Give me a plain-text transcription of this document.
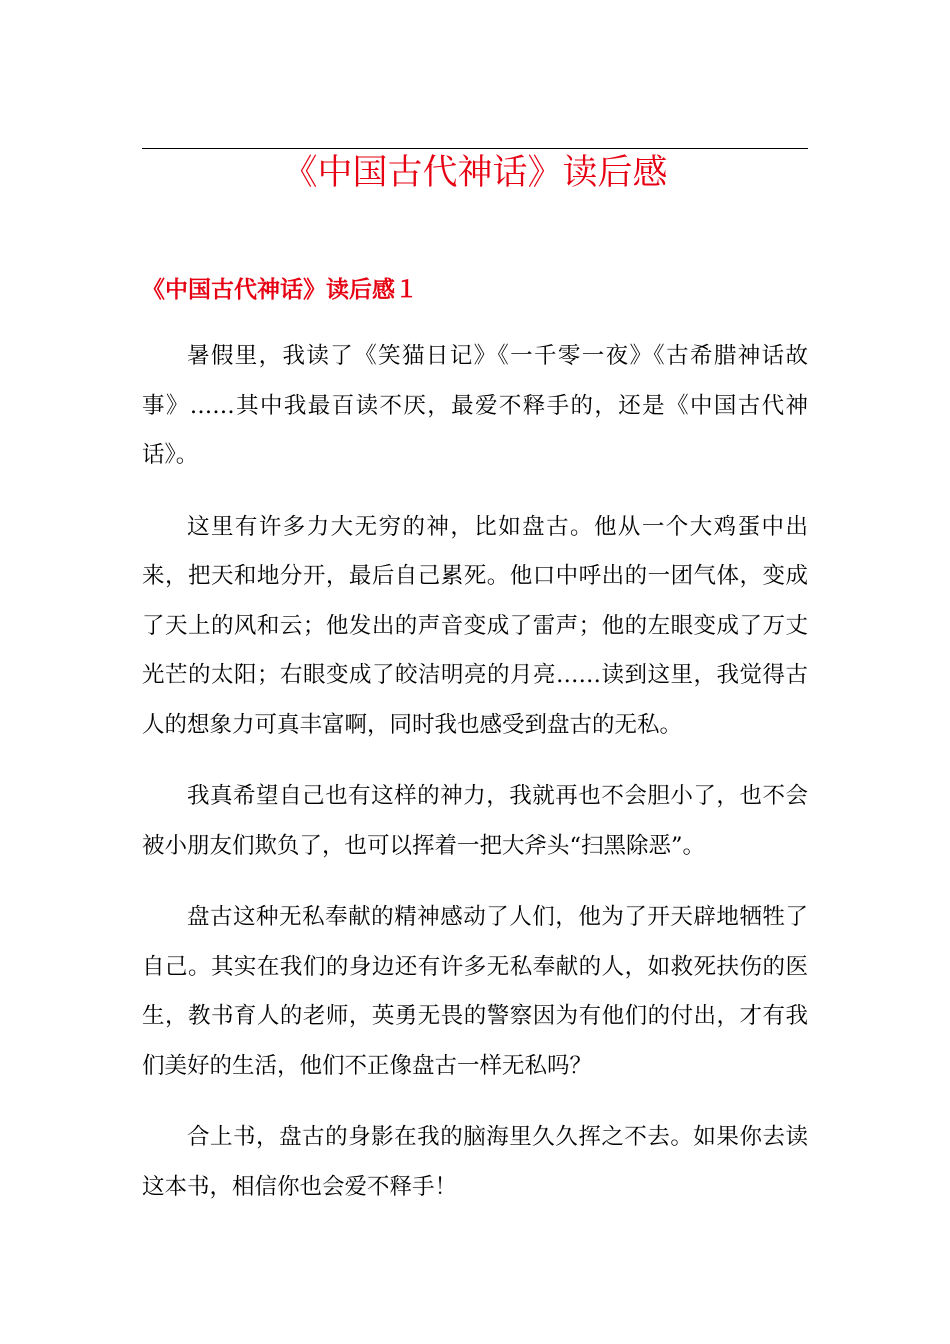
《中国古代神话》读后感
《中国古代神话》读后感１

暑假里，我读了《笑猫日记》《一千零一夜》《古希腊神话故事》……其中我最百读不厌，最爱不释手的，还是《中国古代神话》。

这里有许多力大无穷的神，比如盘古。他从一个大鸡蛋中出来，把天和地分开，最后自己累死。他口中呼出的一团气体，变成了天上的风和云；他发出的声音变成了雷声；他的左眼变成了万丈光芒的太阳；右眼变成了皎洁明亮的月亮……读到这里，我觉得古人的想象力可真丰富啊，同时我也感受到盘古的无私。

我真希望自己也有这样的神力，我就再也不会胆小了，也不会被小朋友们欺负了，也可以挥着一把大斧头“扫黑除恶”。

盘古这种无私奉献的精神感动了人们，他为了开天辟地牺牲了自己。其实在我们的身边还有许多无私奉献的人，如救死扶伤的医生，教书育人的老师，英勇无畏的警察因为有他们的付出，才有我们美好的生活，他们不正像盘古一样无私吗？

合上书，盘古的身影在我的脑海里久久挥之不去。如果你去读这本书，相信你也会爱不释手！
